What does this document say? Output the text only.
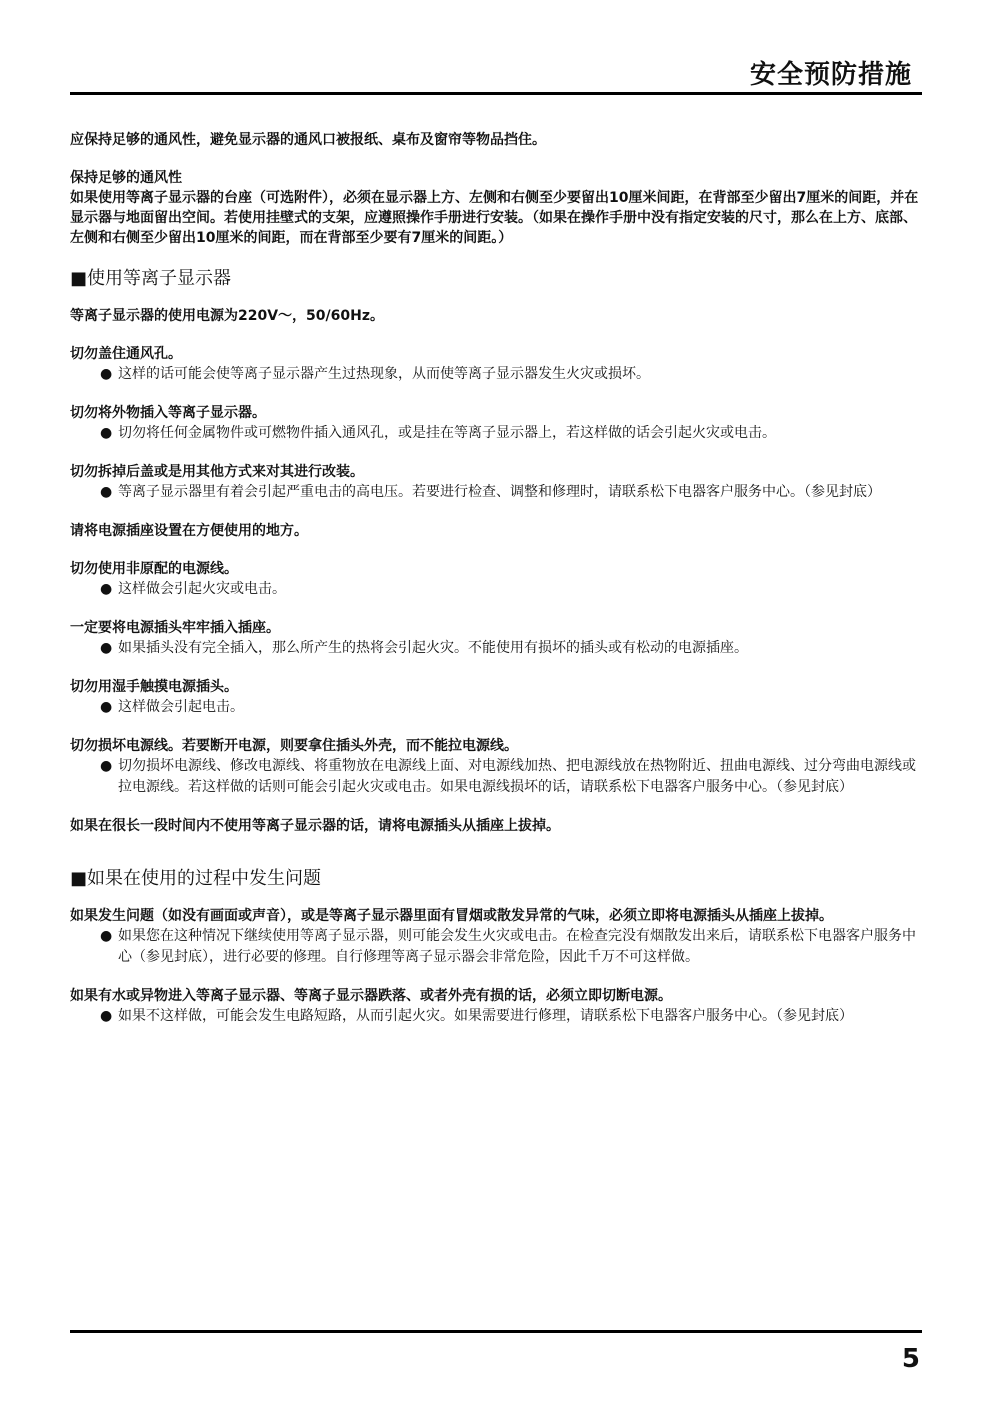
安全预防措施
应保持足够的通风性，避免显示器的通风口被报纸、桌布及窗帘等物品挡住。
保持足够的通风性
如果使用等离子显示器的台座（可选附件），必须在显示器上方、左侧和右侧至少要留出10厘米间距，在背部至少留出7厘米的间距，并在显示器与地面留出空间。若使用挂壁式的支架，应遵照操作手册进行安装。（如果在操作手册中没有指定安装的尺寸，那么在上方、底部、左侧和右侧至少留出10厘米的间距，而在背部至少要有7厘米的间距。）
■使用等离子显示器
等离子显示器的使用电源为220V～，50/60Hz。
切勿盖住通风孔。
● 这样的话可能会使等离子显示器产生过热现象，从而使等离子显示器发生火灾或损坏。
切勿将外物插入等离子显示器。
● 切勿将任何金属物件或可燃物件插入通风孔，或是挂在等离子显示器上，若这样做的话会引起火灾或电击。
切勿拆掉后盖或是用其他方式来对其进行改装。
● 等离子显示器里有着会引起严重电击的高电压。若要进行检查、调整和修理时，请联系松下电器客户服务中心。（参见封底）
请将电源插座设置在方便使用的地方。
切勿使用非原配的电源线。
● 这样做会引起火灾或电击。
一定要将电源插头牢牢插入插座。
● 如果插头没有完全插入，那么所产生的热将会引起火灾。不能使用有损坏的插头或有松动的电源插座。
切勿用湿手触摸电源插头。
● 这样做会引起电击。
切勿损坏电源线。若要断开电源，则要拿住插头外壳，而不能拉电源线。
● 切勿损坏电源线、修改电源线、将重物放在电源线上面、对电源线加热、把电源线放在热物附近、扭曲电源线、过分弯曲电源线或拉电源线。若这样做的话则可能会引起火灾或电击。如果电源线损坏的话，请联系松下电器客户服务中心。（参见封底）
如果在很长一段时间内不使用等离子显示器的话，请将电源插头从插座上拔掉。
■如果在使用的过程中发生问题
如果发生问题（如没有画面或声音），或是等离子显示器里面有冒烟或散发异常的气味，必须立即将电源插头从插座上拔掉。
● 如果您在这种情况下继续使用等离子显示器，则可能会发生火灾或电击。在检查完没有烟散发出来后，请联系松下电器客户服务中心（参见封底），进行必要的修理。自行修理等离子显示器会非常危险，因此千万不可这样做。
如果有水或异物进入等离子显示器、等离子显示器跌落、或者外壳有损的话，必须立即切断电源。
● 如果不这样做，可能会发生电路短路，从而引起火灾。如果需要进行修理，请联系松下电器客户服务中心。（参见封底）
5
